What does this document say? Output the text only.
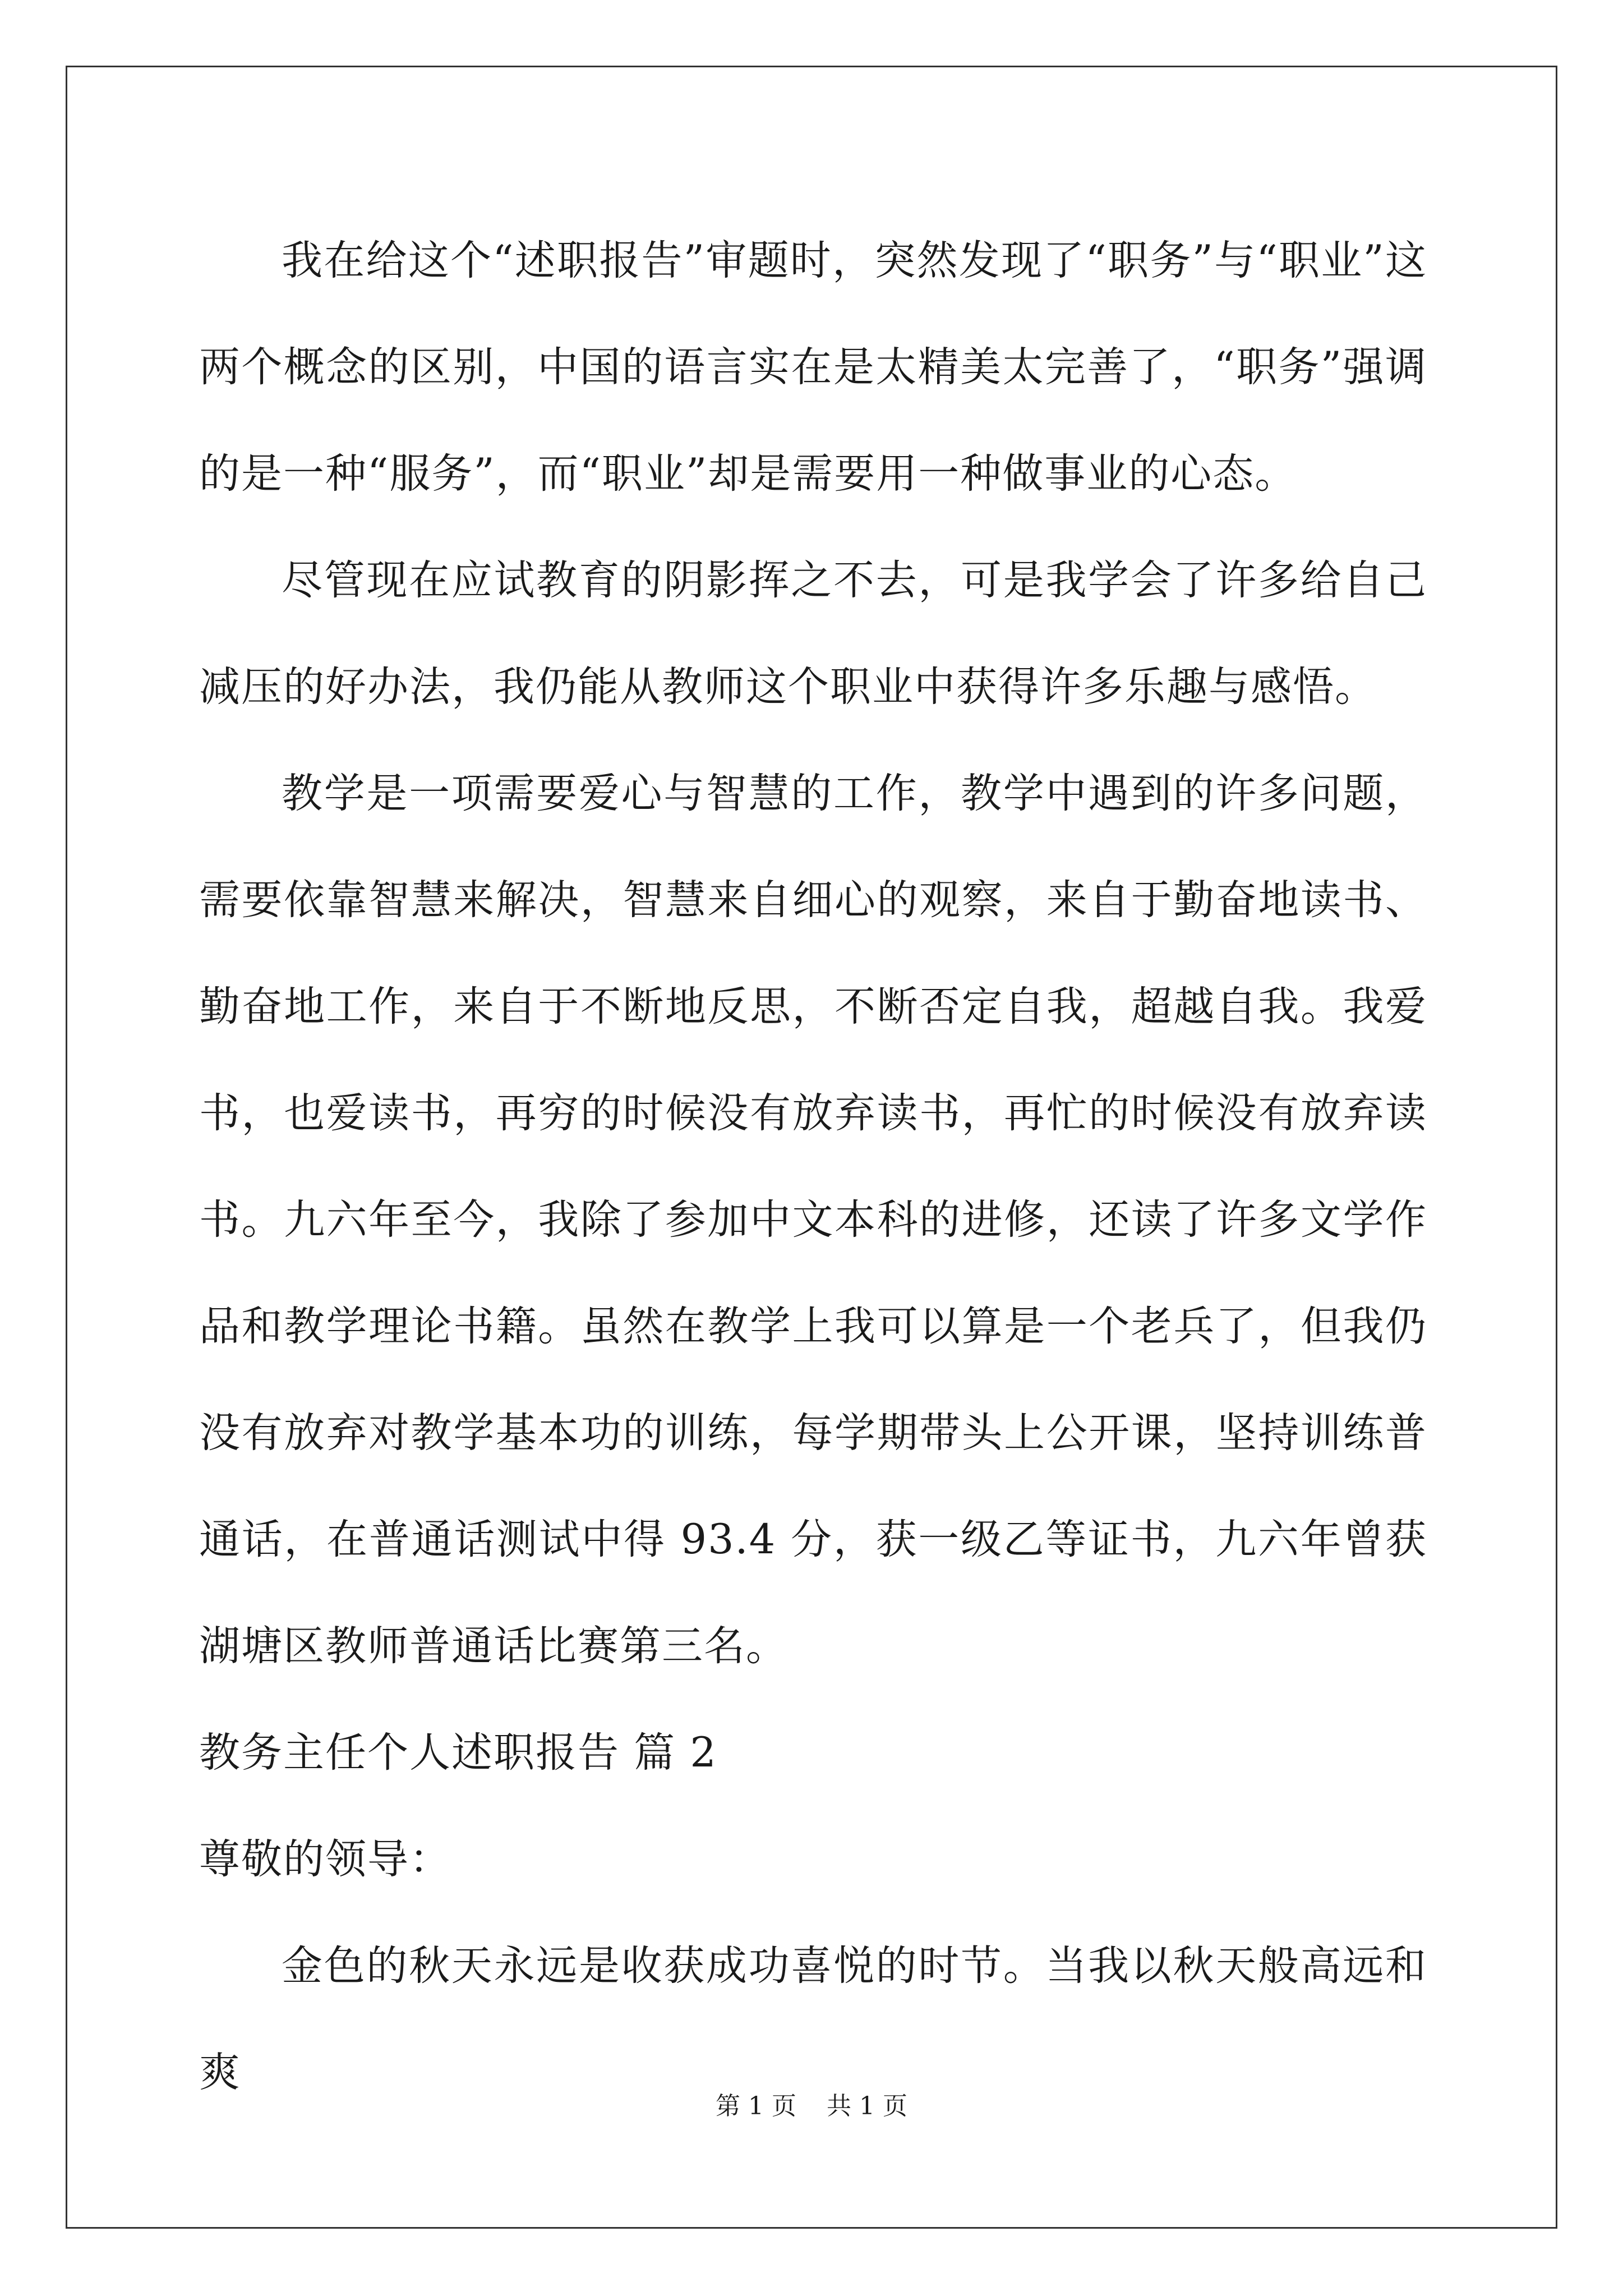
我在给这个“述职报告”审题时，突然发现了“职务”与“职业”这两个概念的区别，中国的语言实在是太精美太完善了，“职务”强调的是一种“服务”，而“职业”却是需要用一种做事业的心态。

尽管现在应试教育的阴影挥之不去，可是我学会了许多给自己减压的好办法，我仍能从教师这个职业中获得许多乐趣与感悟。

教学是一项需要爱心与智慧的工作，教学中遇到的许多问题，需要依靠智慧来解决，智慧来自细心的观察，来自于勤奋地读书、勤奋地工作，来自于不断地反思，不断否定自我，超越自我。我爱书，也爱读书，再穷的时候没有放弃读书，再忙的时候没有放弃读书。九六年至今，我除了参加中文本科的进修，还读了许多文学作品和教学理论书籍。虽然在教学上我可以算是一个老兵了，但我仍没有放弃对教学基本功的训练，每学期带头上公开课，坚持训练普通话，在普通话测试中得 93.4 分，获一级乙等证书，九六年曾获湖塘区教师普通话比赛第三名。

教务主任个人述职报告 篇 2

尊敬的领导：

金色的秋天永远是收获成功喜悦的时节。当我以秋天般高远和爽

第 1 页 共 1 页
